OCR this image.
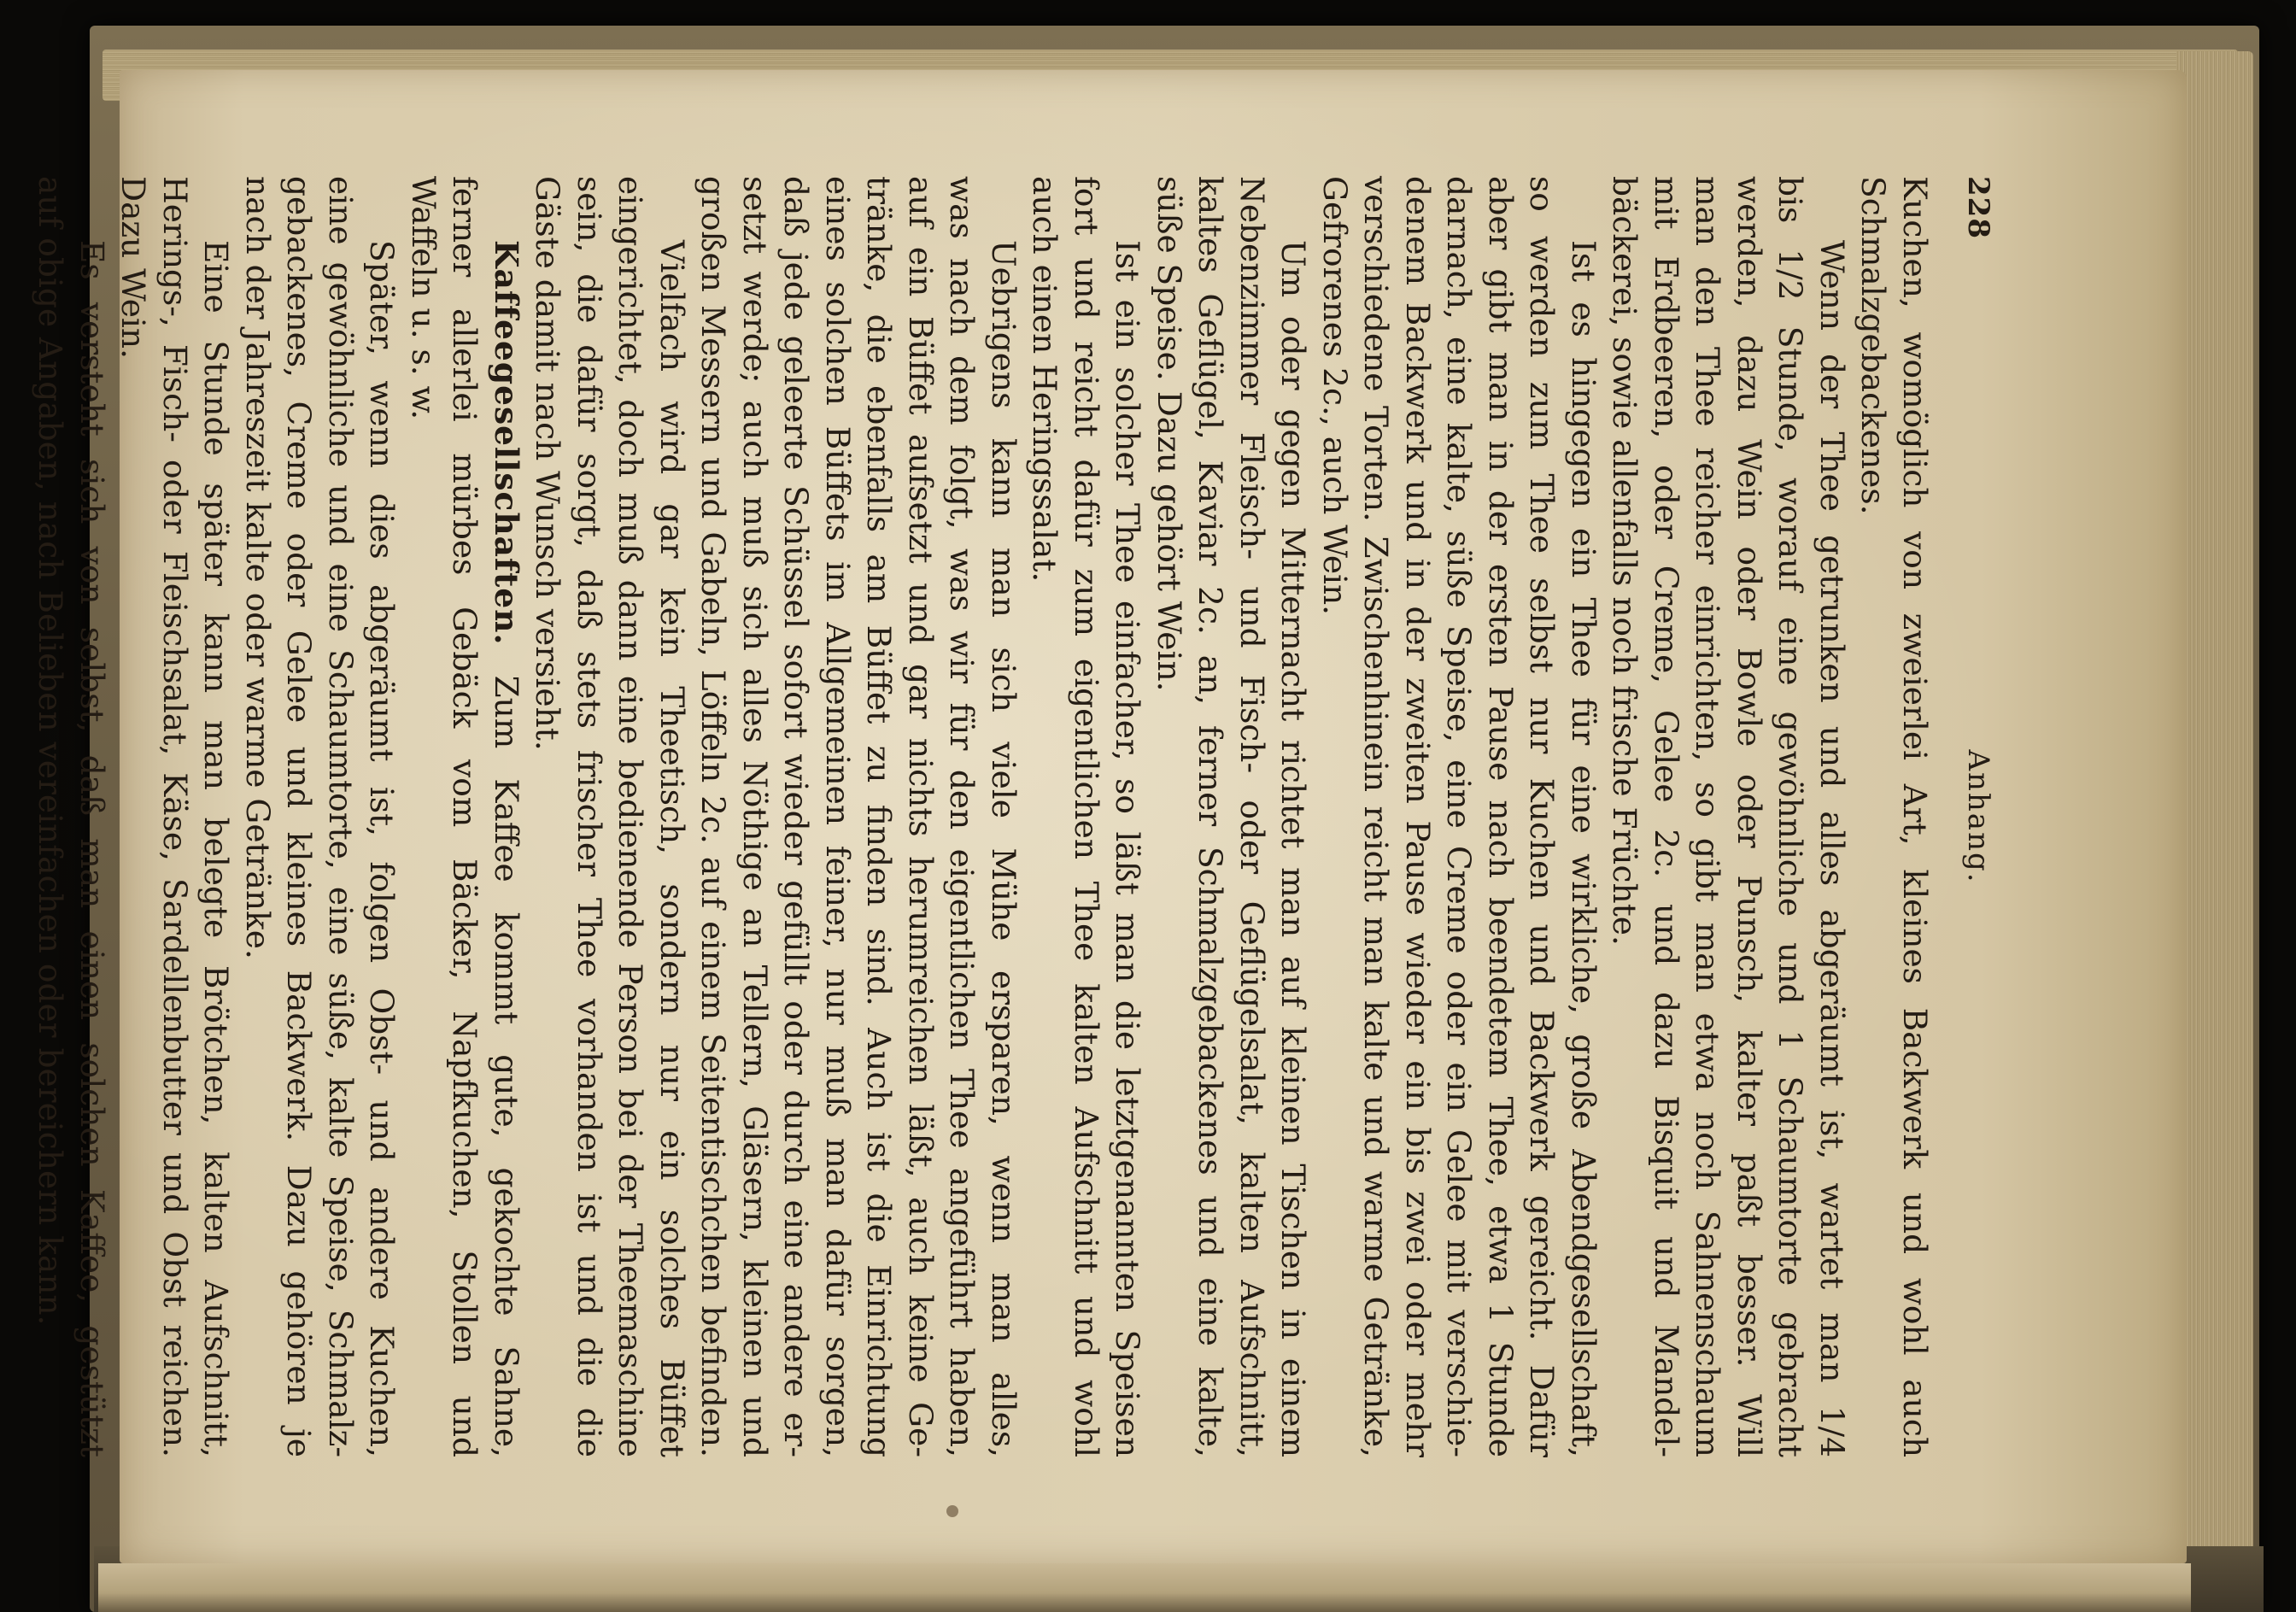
228
Anhang.
Kuchen, womöglich von zweierlei Art, kleines Backwerk und wohl auch
Schmalzgebackenes.
Wenn der Thee getrunken und alles abgeräumt ist, wartet man 1/4
bis 1/2 Stunde, worauf eine gewöhnliche und 1 Schaumtorte gebracht
werden, dazu Wein oder Bowle oder Punsch, kalter paßt besser. Will
man den Thee reicher einrichten, so gibt man etwa noch Sahnenschaum
mit Erdbeeren, oder Creme, Gelee 2c. und dazu Bisquit und Mandel-
bäckerei, sowie allenfalls noch frische Früchte.
Ist es hingegen ein Thee für eine wirkliche, große Abendgesellschaft,
so werden zum Thee selbst nur Kuchen und Backwerk gereicht. Dafür
aber gibt man in der ersten Pause nach beendetem Thee, etwa 1 Stunde
darnach, eine kalte, süße Speise, eine Creme oder ein Gelee mit verschie-
denem Backwerk und in der zweiten Pause wieder ein bis zwei oder mehr
verschiedene Torten. Zwischenhinein reicht man kalte und warme Getränke,
Gefrorenes 2c., auch Wein.
Um oder gegen Mitternacht richtet man auf kleinen Tischen in einem
Nebenzimmer Fleisch- und Fisch- oder Geflügelsalat, kalten Aufschnitt,
kaltes Geflügel, Kaviar 2c. an, ferner Schmalzgebackenes und eine kalte,
süße Speise. Dazu gehört Wein.
Ist ein solcher Thee einfacher, so läßt man die letztgenannten Speisen
fort und reicht dafür zum eigentlichen Thee kalten Aufschnitt und wohl
auch einen Heringssalat.
Uebrigens kann man sich viele Mühe ersparen, wenn man alles,
was nach dem folgt, was wir für den eigentlichen Thee angeführt haben,
auf ein Büffet aufsetzt und gar nichts herumreichen läßt, auch keine Ge-
tränke, die ebenfalls am Büffet zu finden sind. Auch ist die Einrichtung
eines solchen Büffets im Allgemeinen feiner, nur muß man dafür sorgen,
daß jede geleerte Schüssel sofort wieder gefüllt oder durch eine andere er-
setzt werde; auch muß sich alles Nöthige an Tellern, Gläsern, kleinen und
großen Messern und Gabeln, Löffeln 2c. auf einem Seitentischchen befinden.
Vielfach wird gar kein Theetisch, sondern nur ein solches Büffet
eingerichtet, doch muß dann eine bedienende Person bei der Theemaschine
sein, die dafür sorgt, daß stets frischer Thee vorhanden ist und die die
Gäste damit nach Wunsch versieht.
Kaffeegesellschaften. Zum Kaffee kommt gute, gekochte Sahne,
ferner allerlei mürbes Gebäck vom Bäcker, Napfkuchen, Stollen und
Waffeln u. s. w.
Später, wenn dies abgeräumt ist, folgen Obst- und andere Kuchen,
eine gewöhnliche und eine Schaumtorte, eine süße, kalte Speise, Schmalz-
gebackenes, Creme oder Gelee und kleines Backwerk. Dazu gehören je
nach der Jahreszeit kalte oder warme Getränke.
Eine Stunde später kann man belegte Brötchen, kalten Aufschnitt,
Herings-, Fisch- oder Fleischsalat, Käse, Sardellenbutter und Obst reichen.
Dazu Wein.
Es versteht sich von selbst, daß man einen solchen Kaffee, gestützt
auf obige Angaben, nach Belieben vereinfachen oder bereichern kann.
